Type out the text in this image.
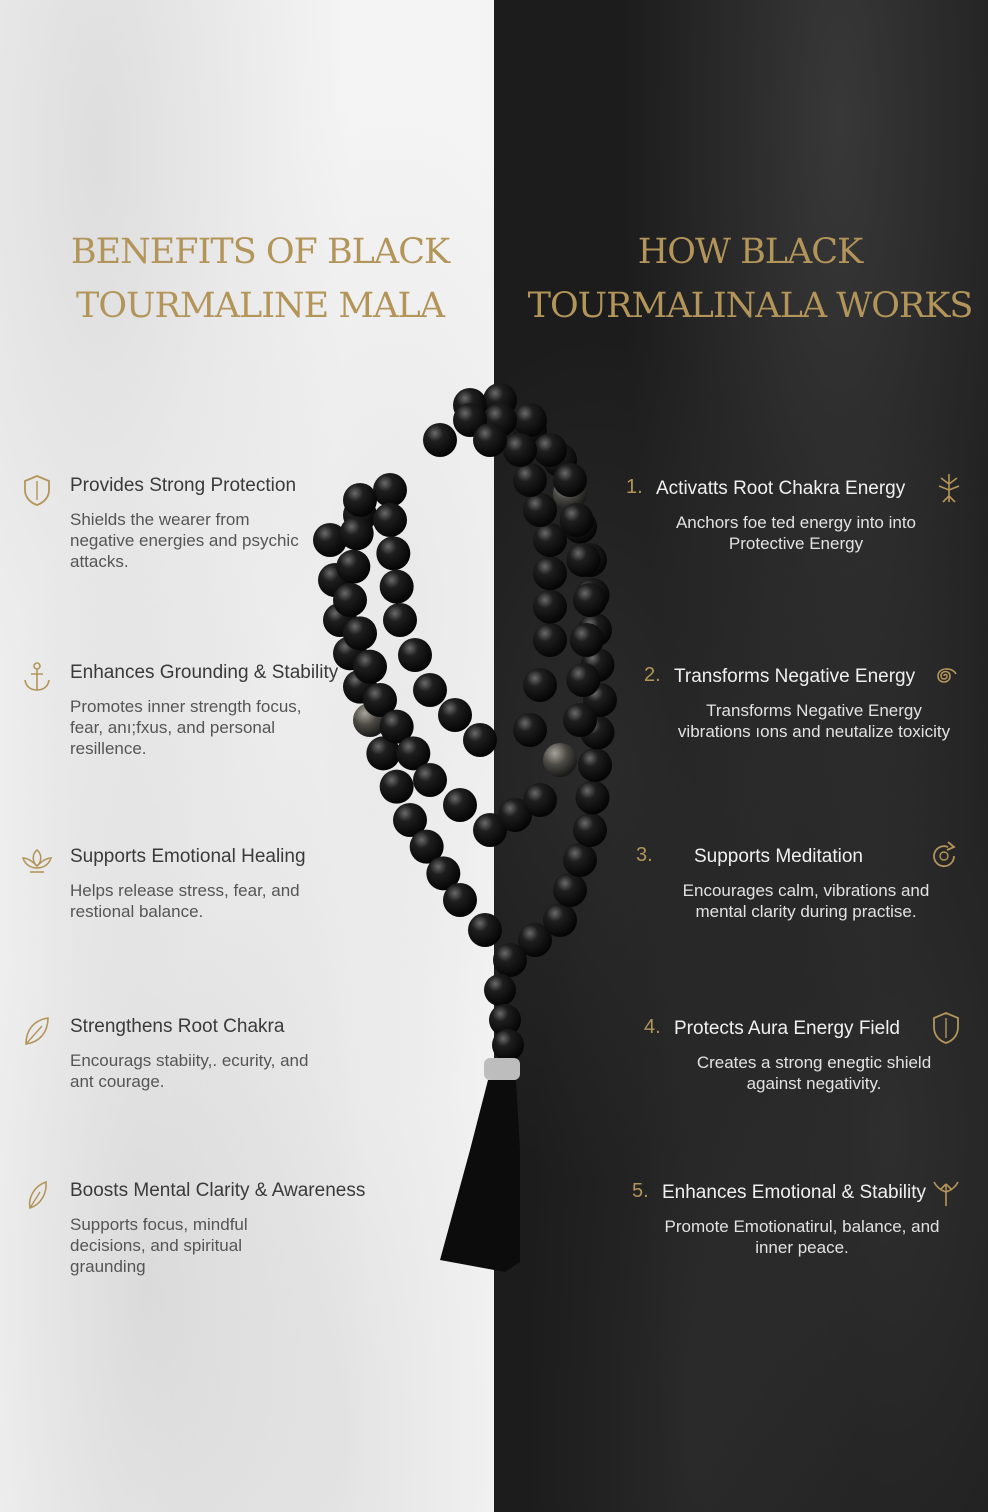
BENEFITS OF BLACK
TOURMALINE MALA
HOW BLACK
TOURMALINALA WORKS
Provides Strong Protection
Shields the wearer from negative energies and psychic attacks.
Enhances Grounding & Stability
Promotes inner strength focus, fear, anı;fxus, and personal resillence.
Supports Emotional Healing
Helps release stress, fear, and restional balance.
Strengthens Root Chakra
Encourags stabiity,. ecurity, and ant courage.
Boosts Mental Clarity & Awareness
Supports focus, mindful decisions, and spiritual graunding
1. Activatts Root Chakra Energy
Anchors foe ted energy into into Protective Energy
2. Transforms Negative Energy
Transforms Negative Energy vibrations ıons and neutalize toxicity
3. Supports Meditation
Encourages calm, vibrations and mental clarity during practise.
4. Protects Aura Energy Field
Creates a strong enegtic shield against negativity.
5. Enhances Emotional & Stability
Promote Emotionatirul, balance, and inner peace.
